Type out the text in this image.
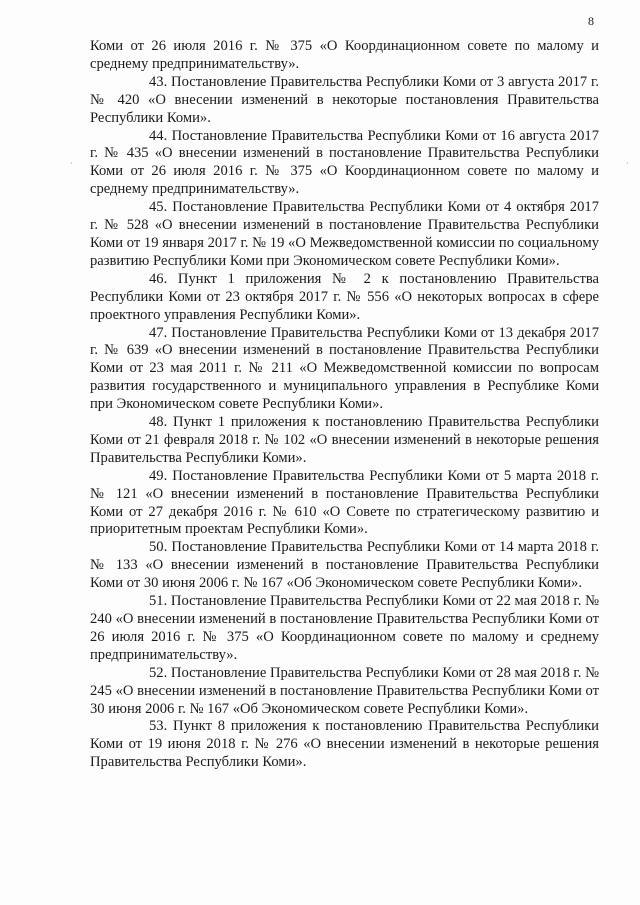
8
·	·

Коми от 26 июля 2016 г. № 375 «О Координационном совете по малому и среднему предпринимательству».

43. Постановление Правительства Республики Коми от 3 августа 2017 г. № 420 «О внесении изменений в некоторые постановления Правительства Республики Коми».

44. Постановление Правительства Республики Коми от 16 августа 2017 г. № 435 «О внесении изменений в постановление Правительства Республики Коми от 26 июля 2016 г. № 375 «О Координационном совете по малому и среднему предпринимательству».

45. Постановление Правительства Республики Коми от 4 октября 2017 г. № 528 «О внесении изменений в постановление Правительства Республики Коми от 19 января 2017 г. № 19 «О Межведомственной комиссии по социальному развитию Республики Коми при Экономическом совете Республики Коми».

46. Пункт 1 приложения № 2 к постановлению Правительства Республики Коми от 23 октября 2017 г. № 556 «О некоторых вопросах в сфере проектного управления Республики Коми».

47. Постановление Правительства Республики Коми от 13 декабря 2017 г. № 639 «О внесении изменений в постановление Правительства Республики Коми от 23 мая 2011 г. № 211 «О Межведомственной комиссии по вопросам развития государственного и муниципального управления в Республике Коми при Экономическом совете Республики Коми».

48. Пункт 1 приложения к постановлению Правительства Республики Коми от 21 февраля 2018 г. № 102 «О внесении изменений в некоторые решения Правительства Республики Коми».

49. Постановление Правительства Республики Коми от 5 марта 2018 г. № 121 «О внесении изменений в постановление Правительства Республики Коми от 27 декабря 2016 г. № 610 «О Совете по стратегическому развитию и приоритетным проектам Республики Коми».

50. Постановление Правительства Республики Коми от 14 марта 2018 г. № 133 «О внесении изменений в постановление Правительства Республики Коми от 30 июня 2006 г. № 167 «Об Экономическом совете Республики Коми».

51. Постановление Правительства Республики Коми от 22 мая 2018 г. № 240 «О внесении изменений в постановление Правительства Республики Коми от 26 июля 2016 г. № 375 «О Координационном совете по малому и среднему предпринимательству».

52. Постановление Правительства Республики Коми от 28 мая 2018 г. № 245 «О внесении изменений в постановление Правительства Республики Коми от 30 июня 2006 г. № 167 «Об Экономическом совете Республики Коми».

53. Пункт 8 приложения к постановлению Правительства Республики Коми от 19 июня 2018 г. № 276 «О внесении изменений в некоторые решения Правительства Республики Коми».
